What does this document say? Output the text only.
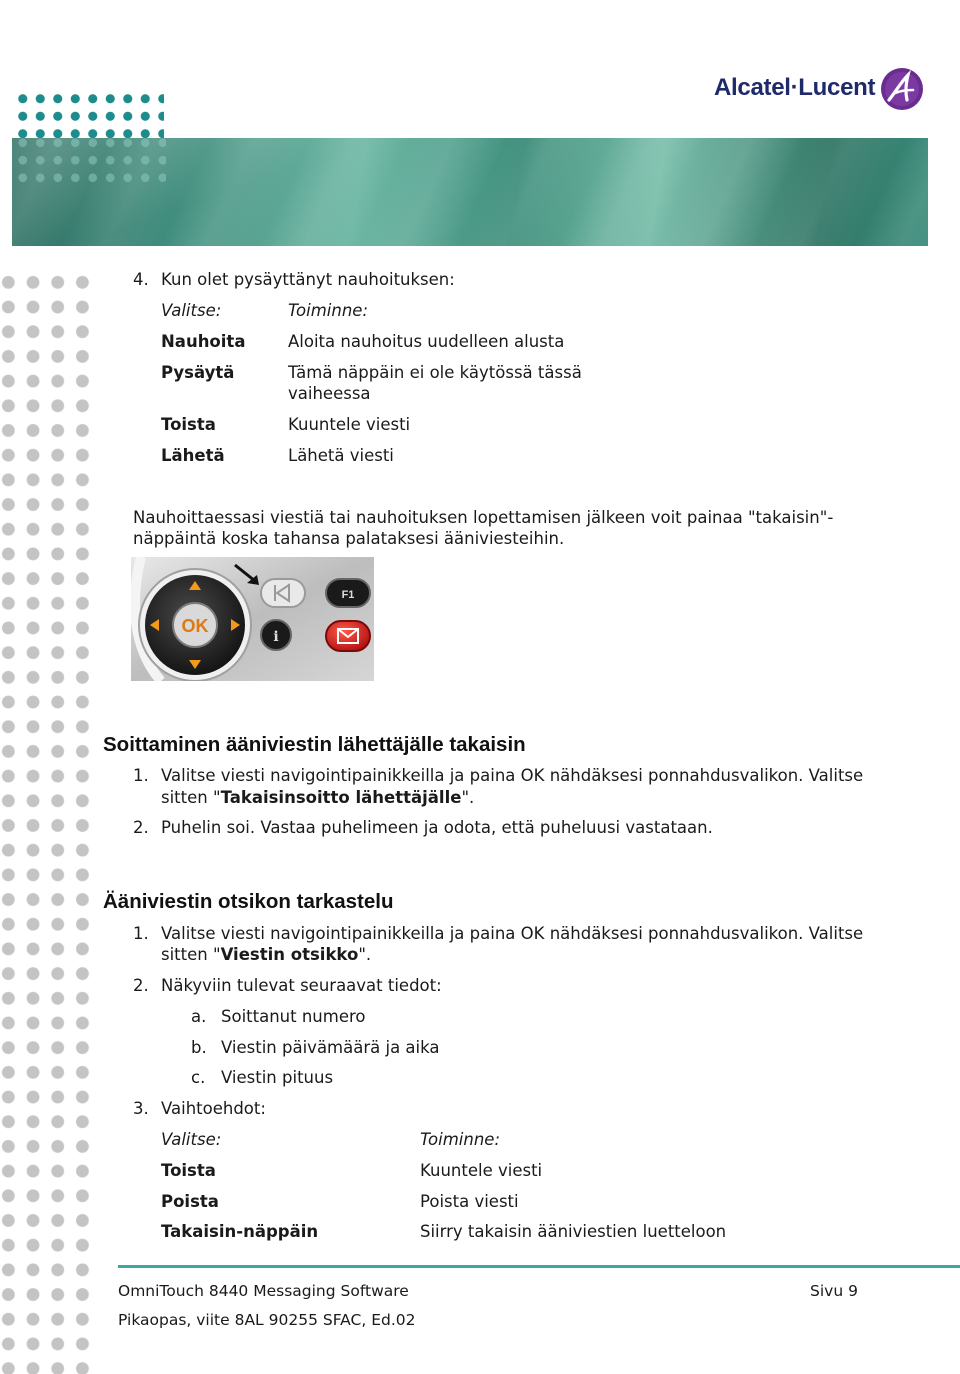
Alcatel·Lucent
4. Kun olet pysäyttänyt nauhoituksen:
Valitse:	Toiminne:
Nauhoita	Aloita nauhoitus uudelleen alusta
Pysäytä	Tämä näppäin ei ole käytössä tässä
vaiheessa
Toista	Kuuntele viesti
Lähetä	Lähetä viesti
Nauhoittaessasi viestiä tai nauhoituksen lopettamisen jälkeen voit painaa "takaisin"-
näppäintä koska tahansa palataksesi ääniviesteihin.
OK
F1
i
Soittaminen ääniviestin lähettäjälle takaisin
1. Valitse viesti navigointipainikkeilla ja paina OK nähdäksesi ponnahdusvalikon. Valitse
sitten "Takaisinsoitto lähettäjälle".
2. Puhelin soi. Vastaa puhelimeen ja odota, että puheluusi vastataan.
Ääniviestin otsikon tarkastelu
1. Valitse viesti navigointipainikkeilla ja paina OK nähdäksesi ponnahdusvalikon. Valitse
sitten "Viestin otsikko".
2. Näkyviin tulevat seuraavat tiedot:
a. Soittanut numero
b. Viestin päivämäärä ja aika
c. Viestin pituus
3. Vaihtoehdot:
Valitse:	Toiminne:
Toista	Kuuntele viesti
Poista	Poista viesti
Takaisin-näppäin	Siirry takaisin ääniviestien luetteloon
OmniTouch 8440 Messaging Software	Sivu 9
Pikaopas, viite 8AL 90255 SFAC, Ed.02
